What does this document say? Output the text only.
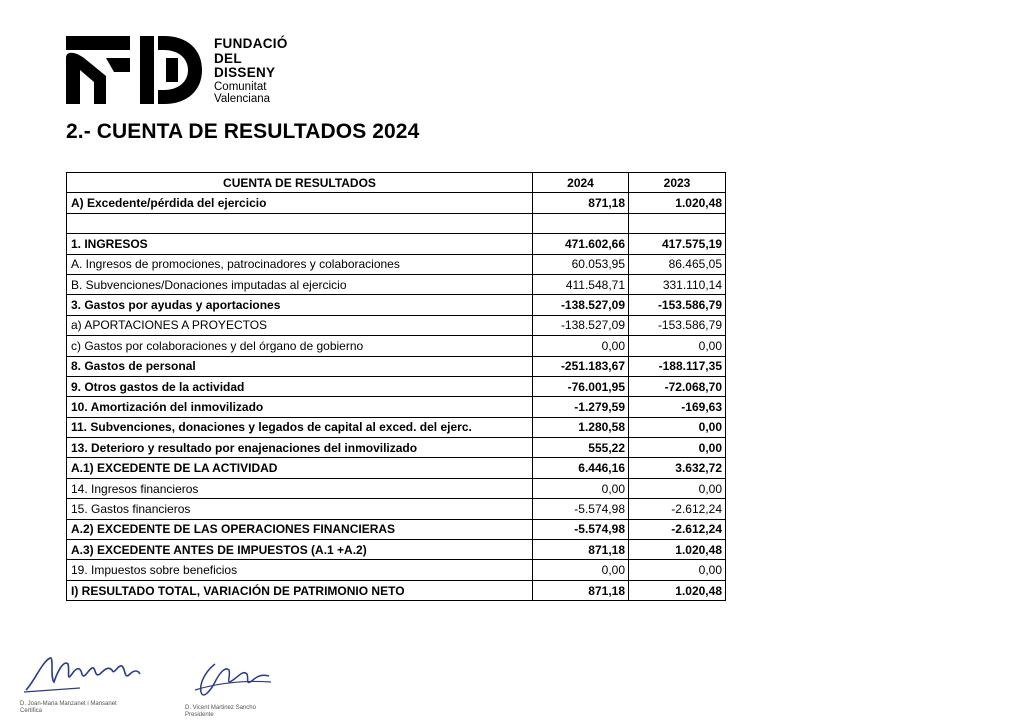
FUNDACIÓ
DEL
DISSENY
Comunitat
Valenciana
2.- CUENTA DE RESULTADOS 2024
CUENTA DE RESULTADOS	2024	2023
A) Excedente/pérdida del ejercicio	871,18	1.020,48

1. INGRESOS	471.602,66	417.575,19
A. Ingresos de promociones, patrocinadores y colaboraciones	60.053,95	86.465,05
B. Subvenciones/Donaciones imputadas al ejercicio	411.548,71	331.110,14
3. Gastos por ayudas y aportaciones	-138.527,09	-153.586,79
a) APORTACIONES A PROYECTOS	-138.527,09	-153.586,79
c) Gastos por colaboraciones y del órgano de gobierno	0,00	0,00
8. Gastos de personal	-251.183,67	-188.117,35
9. Otros gastos de la actividad	-76.001,95	-72.068,70
10. Amortización del inmovilizado	-1.279,59	-169,63
11. Subvenciones, donaciones y legados de capital al exced. del ejerc.	1.280,58	0,00
13. Deterioro y resultado por enajenaciones del inmovilizado	555,22	0,00
A.1) EXCEDENTE DE LA ACTIVIDAD	6.446,16	3.632,72
14. Ingresos financieros	0,00	0,00
15. Gastos financieros	-5.574,98	-2.612,24
A.2) EXCEDENTE DE LAS OPERACIONES FINANCIERAS	-5.574,98	-2.612,24
A.3) EXCEDENTE ANTES DE IMPUESTOS (A.1 +A.2)	871,18	1.020,48
19. Impuestos sobre beneficios	0,00	0,00
I) RESULTADO TOTAL, VARIACIÓN DE PATRIMONIO NETO	871,18	1.020,48
D. Joan-Maria Manzanet i Mansanet
Certifica	D. Vicent Martinez Sancho
Presidente
